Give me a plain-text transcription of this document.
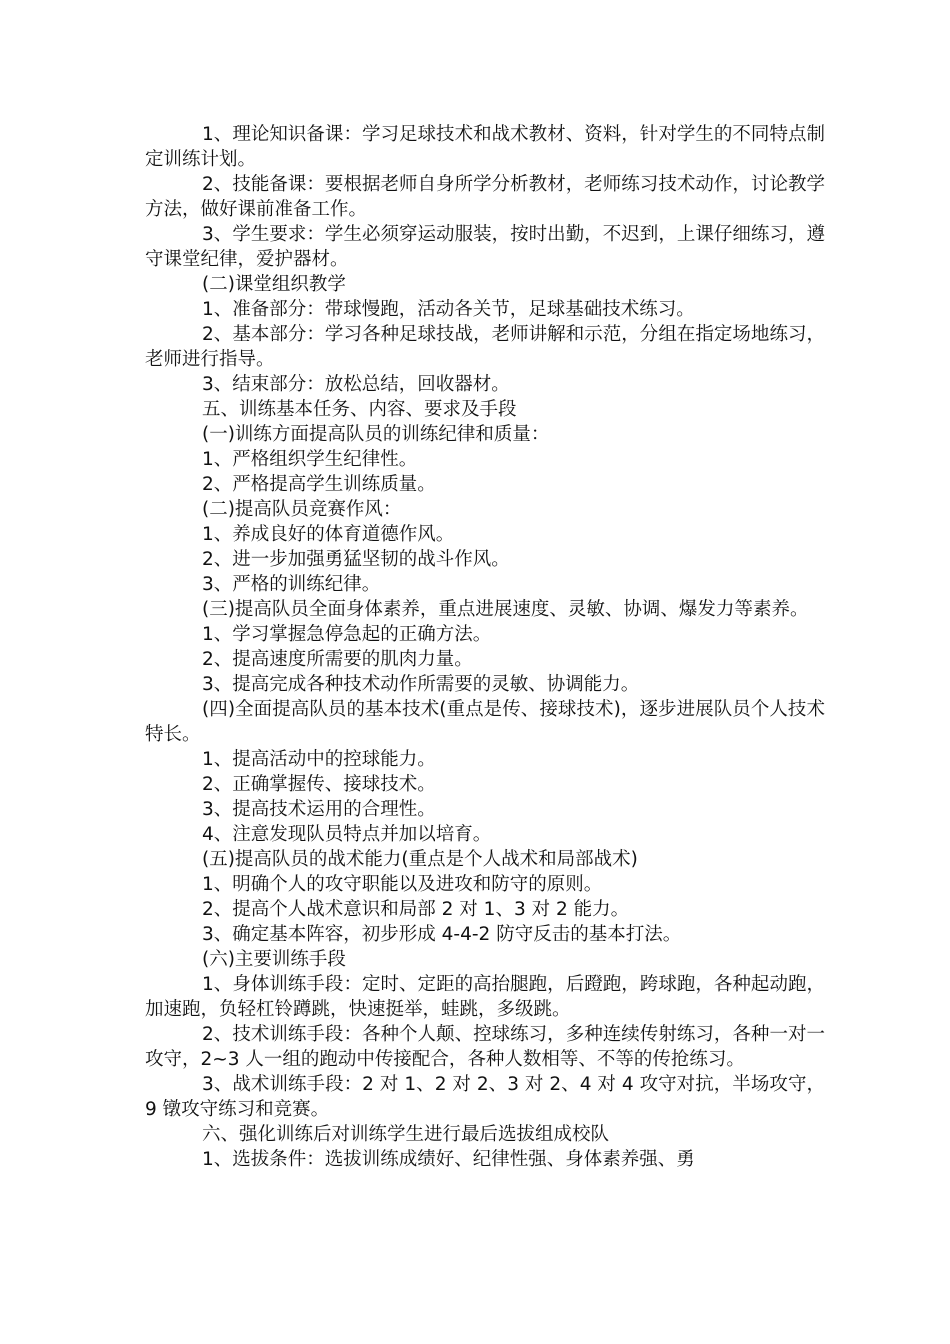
1、理论知识备课：学习足球技术和战术教材、资料，针对学生的不同特点制定训练计划。

2、技能备课：要根据老师自身所学分析教材，老师练习技术动作，讨论教学方法，做好课前准备工作。

3、学生要求：学生必须穿运动服装，按时出勤，不迟到，上课仔细练习，遵守课堂纪律，爱护器材。

(二)课堂组织教学

1、准备部分：带球慢跑，活动各关节，足球基础技术练习。

2、基本部分：学习各种足球技战，老师讲解和示范，分组在指定场地练习，老师进行指导。

3、结束部分：放松总结，回收器材。

五、训练基本任务、内容、要求及手段

(一)训练方面提高队员的训练纪律和质量：

1、严格组织学生纪律性。

2、严格提高学生训练质量。

(二)提高队员竞赛作风：

1、养成良好的体育道德作风。

2、进一步加强勇猛坚韧的战斗作风。

3、严格的训练纪律。

(三)提高队员全面身体素养，重点进展速度、灵敏、协调、爆发力等素养。

1、学习掌握急停急起的正确方法。

2、提高速度所需要的肌肉力量。

3、提高完成各种技术动作所需要的灵敏、协调能力。

(四)全面提高队员的基本技术(重点是传、接球技术)，逐步进展队员个人技术特长。

1、提高活动中的控球能力。

2、正确掌握传、接球技术。

3、提高技术运用的合理性。

4、注意发现队员特点并加以培育。

(五)提高队员的战术能力(重点是个人战术和局部战术)

1、明确个人的攻守职能以及进攻和防守的原则。

2、提高个人战术意识和局部 2 对 1、3 对 2 能力。

3、确定基本阵容，初步形成 4-4-2 防守反击的基本打法。

(六)主要训练手段

1、身体训练手段：定时、定距的高抬腿跑，后蹬跑，跨球跑，各种起动跑，加速跑，负轻杠铃蹲跳，快速挺举，蛙跳，多级跳。

2、技术训练手段：各种个人颠、控球练习，多种连续传射练习，各种一对一攻守，2~3 人一组的跑动中传接配合，各种人数相等、不等的传抢练习。

3、战术训练手段：2 对 1、2 对 2、3 对 2、4 对 4 攻守对抗，半场攻守，9 镦攻守练习和竞赛。

六、强化训练后对训练学生进行最后选拔组成校队

1、选拔条件：选拔训练成绩好、纪律性强、身体素养强、勇
